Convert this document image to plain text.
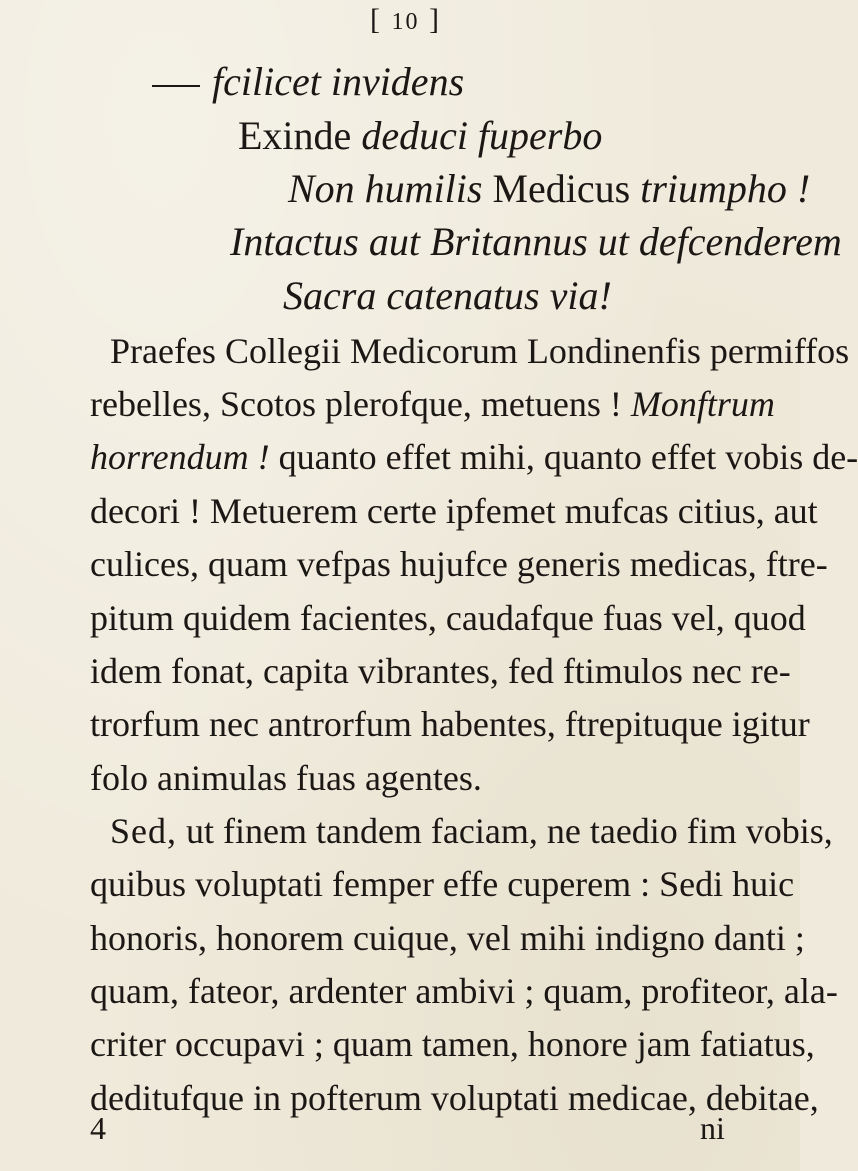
[ 10 ]
fcilicet invidens
Exinde deduci fuperbo
Non humilis Medicus triumpho !
Intactus aut Britannus ut defcenderem
Sacra catenatus via!
Praefes Collegii Medicorum Londinenfis permiffos
rebelles, Scotos plerofque, metuens ! Monftrum
horrendum ! quanto effet mihi, quanto effet vobis de-
decori ! Metuerem certe ipfemet mufcas citius, aut
culices, quam vefpas hujufce generis medicas, ftre-
pitum quidem facientes, caudafque fuas vel, quod
idem fonat, capita vibrantes, fed ftimulos nec re-
trorfum nec antrorfum habentes, ftrepituque igitur
folo animulas fuas agentes.
Sed, ut finem tandem faciam, ne taedio fim vobis,
quibus voluptati femper effe cuperem : Sedi huic
honoris, honorem cuique, vel mihi indigno danti ;
quam, fateor, ardenter ambivi ; quam, profiteor, ala-
criter occupavi ; quam tamen, honore jam fatiatus,
deditufque in pofterum voluptati medicae, debitae,
4	ni
